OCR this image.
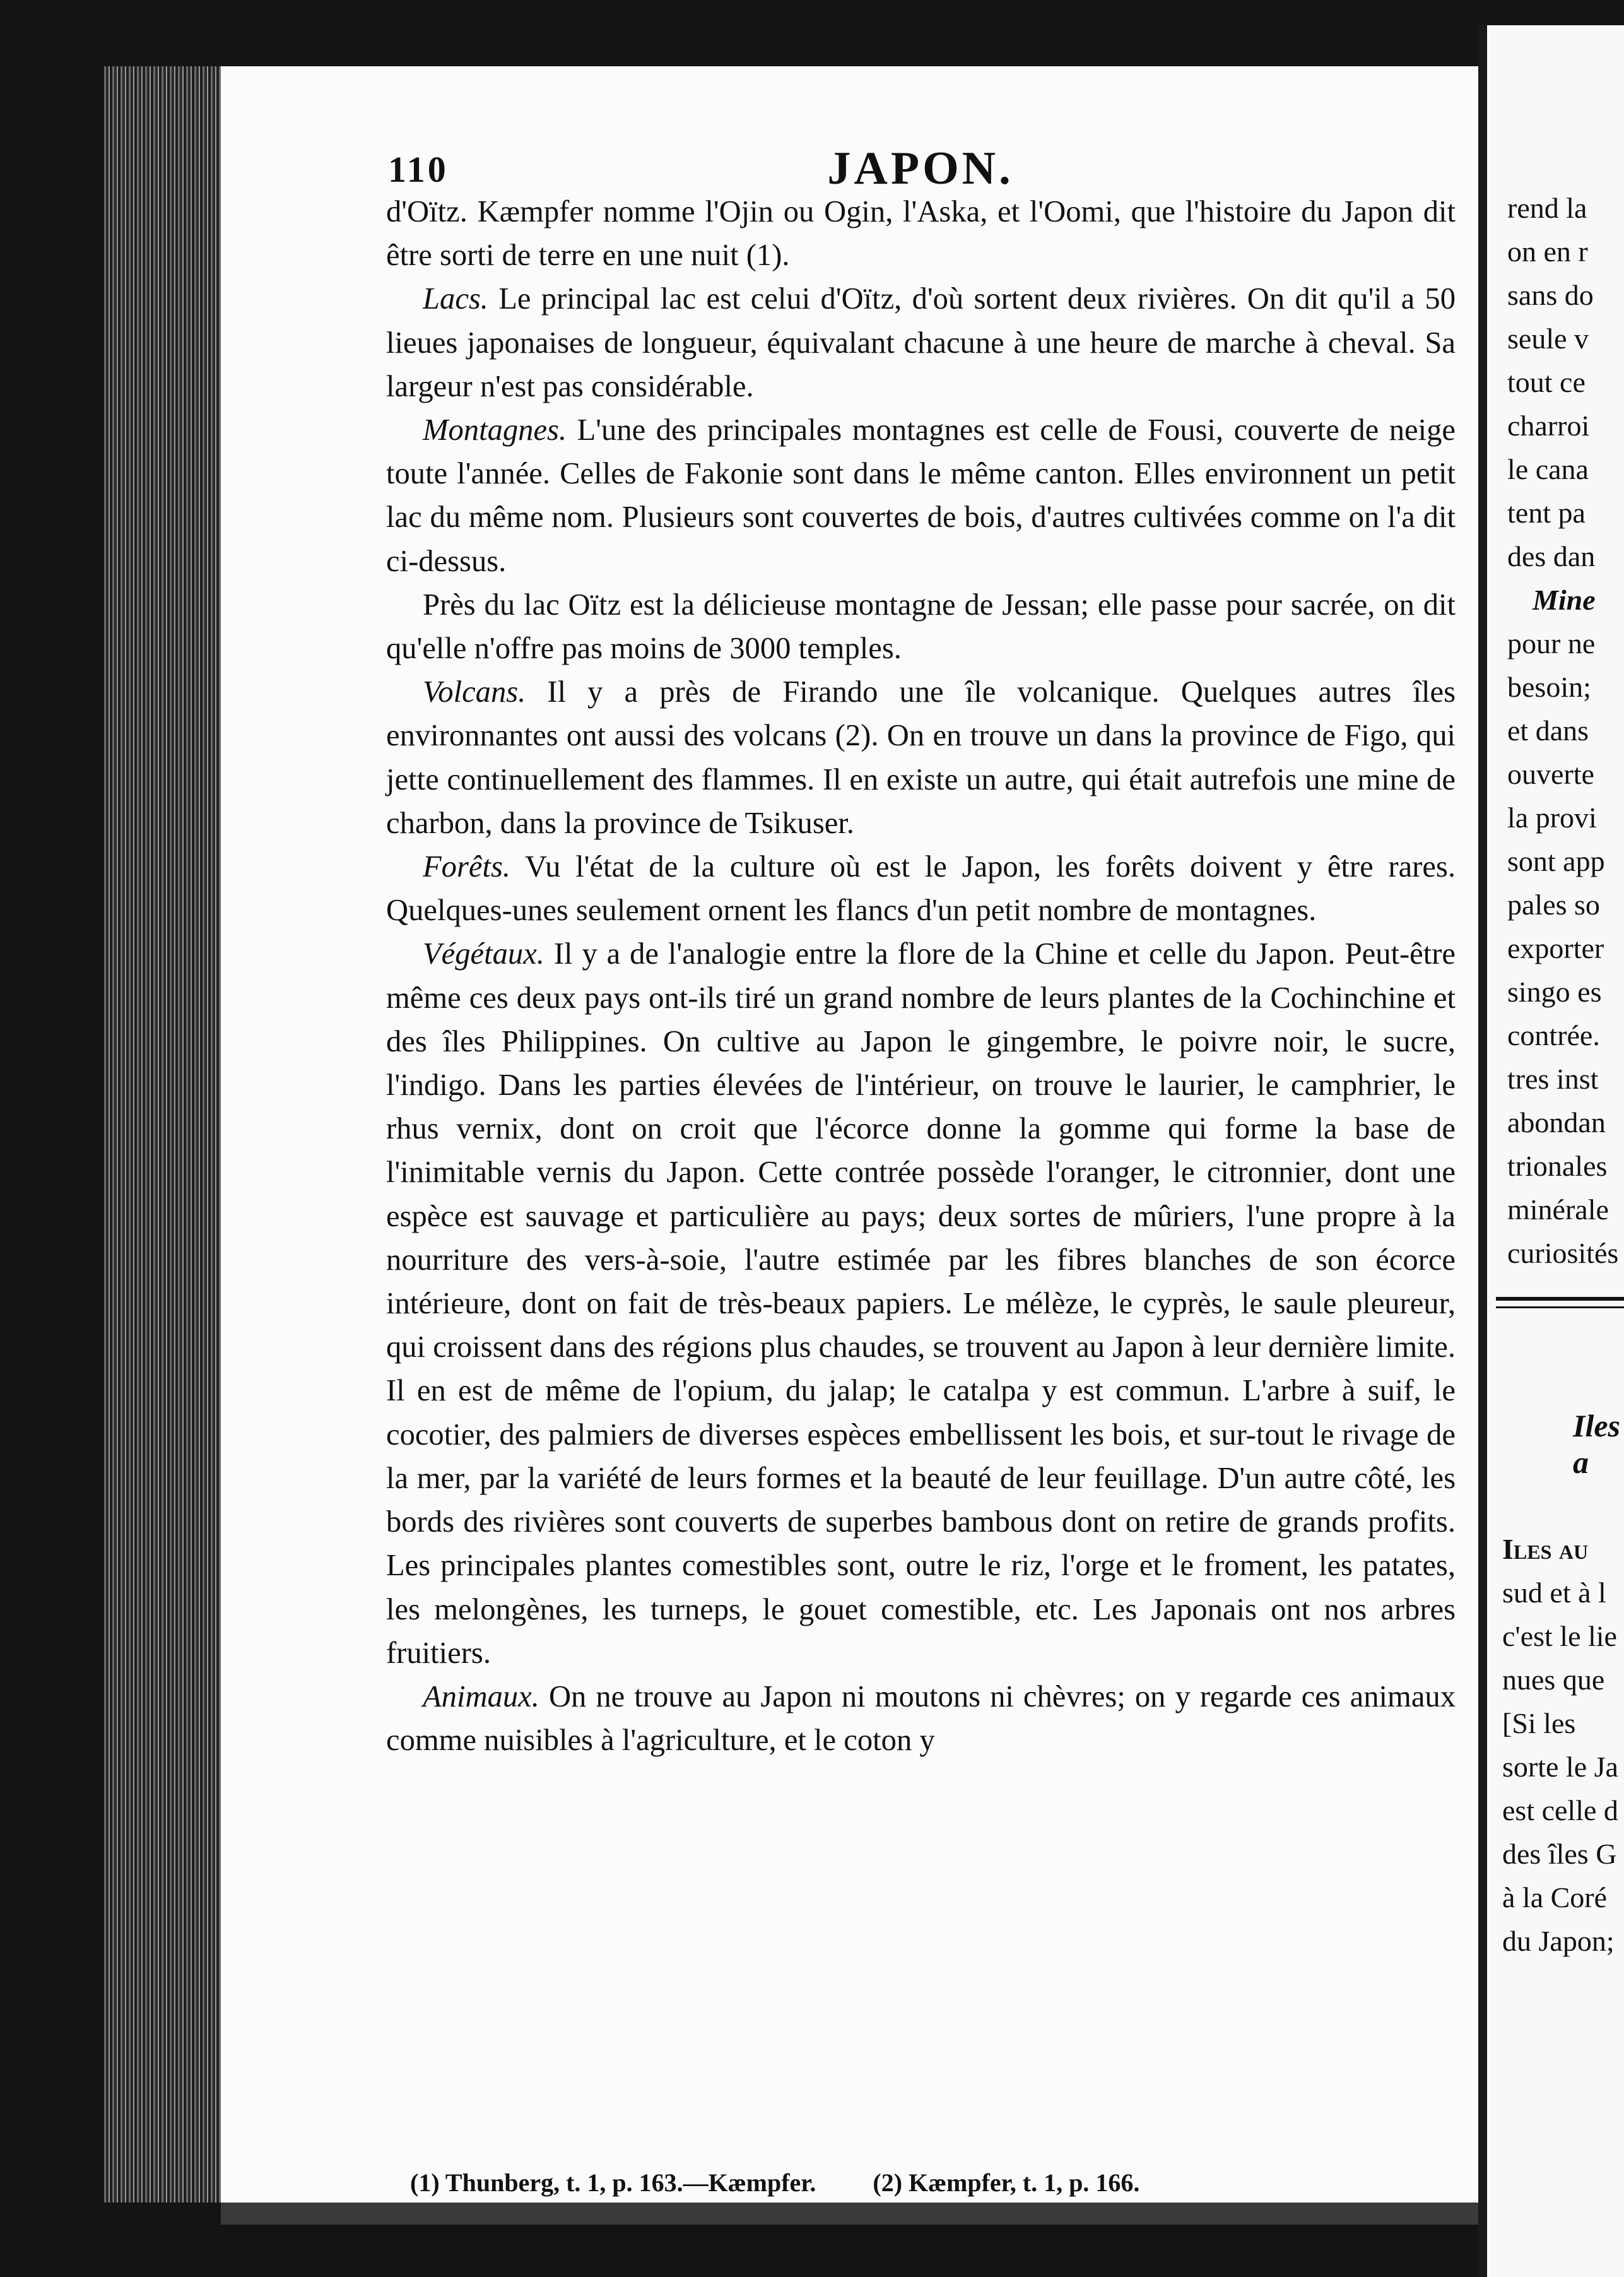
110	JAPON.

d'Oïtz. Kæmpfer nomme l'Ojin ou Ogin, l'Aska, et l'Oomi, que l'histoire du Japon dit être sorti de terre en une nuit (1).

Lacs. Le principal lac est celui d'Oïtz, d'où sortent deux rivières. On dit qu'il a 50 lieues japonaises de longueur, équivalant chacune à une heure de marche à cheval. Sa largeur n'est pas considérable.

Montagnes. L'une des principales montagnes est celle de Fousi, couverte de neige toute l'année. Celles de Fakonie sont dans le même canton. Elles environnent un petit lac du même nom. Plusieurs sont couvertes de bois, d'autres cultivées comme on l'a dit ci-dessus.

Près du lac Oïtz est la délicieuse montagne de Jessan; elle passe pour sacrée, on dit qu'elle n'offre pas moins de 3000 temples.

Volcans. Il y a près de Firando une île volcanique. Quelques autres îles environnantes ont aussi des volcans (2). On en trouve un dans la province de Figo, qui jette continuellement des flammes. Il en existe un autre, qui était autrefois une mine de charbon, dans la province de Tsikuser.

Forêts. Vu l'état de la culture où est le Japon, les forêts doivent y être rares. Quelques-unes seulement ornent les flancs d'un petit nombre de montagnes.

Végétaux. Il y a de l'analogie entre la flore de la Chine et celle du Japon. Peut-être même ces deux pays ont-ils tiré un grand nombre de leurs plantes de la Cochinchine et des îles Philippines. On cultive au Japon le gingembre, le poivre noir, le sucre, l'indigo. Dans les parties élevées de l'intérieur, on trouve le laurier, le camphrier, le rhus vernix, dont on croit que l'écorce donne la gomme qui forme la base de l'inimitable vernis du Japon. Cette contrée possède l'oranger, le citronnier, dont une espèce est sauvage et particulière au pays; deux sortes de mûriers, l'une propre à la nourriture des vers-à-soie, l'autre estimée par les fibres blanches de son écorce intérieure, dont on fait de très-beaux papiers. Le mélèze, le cyprès, le saule pleureur, qui croissent dans des régions plus chaudes, se trouvent au Japon à leur dernière limite. Il en est de même de l'opium, du jalap; le catalpa y est commun. L'arbre à suif, le cocotier, des palmiers de diverses espèces embellissent les bois, et sur-tout le rivage de la mer, par la variété de leurs formes et la beauté de leur feuillage. D'un autre côté, les bords des rivières sont couverts de superbes bambous dont on retire de grands profits. Les principales plantes comestibles sont, outre le riz, l'orge et le froment, les patates, les melongènes, les turneps, le gouet comestible, etc. Les Japonais ont nos arbres fruitiers.

Animaux. On ne trouve au Japon ni moutons ni chèvres; on y regarde ces animaux comme nuisibles à l'agriculture, et le coton y

(1) Thunberg, t. 1, p. 163.—Kæmpfer. (2) Kæmpfer, t. 1, p. 166.
rend la
on en r
sans do
seule v
tout ce
charroi
le cana
tent pa
des dan
Mine
pour ne
besoin;
et dans
ouverte
la provi
sont app
pales so
exporter
singo es
contrée.
tres inst
abondan
trionales
minérale
curiosités
Iles a
Iles au
sud et à l
c'est le lie
nues que
[Si les
sorte le Ja
est celle d
des îles G
à la Coré
du Japon;
